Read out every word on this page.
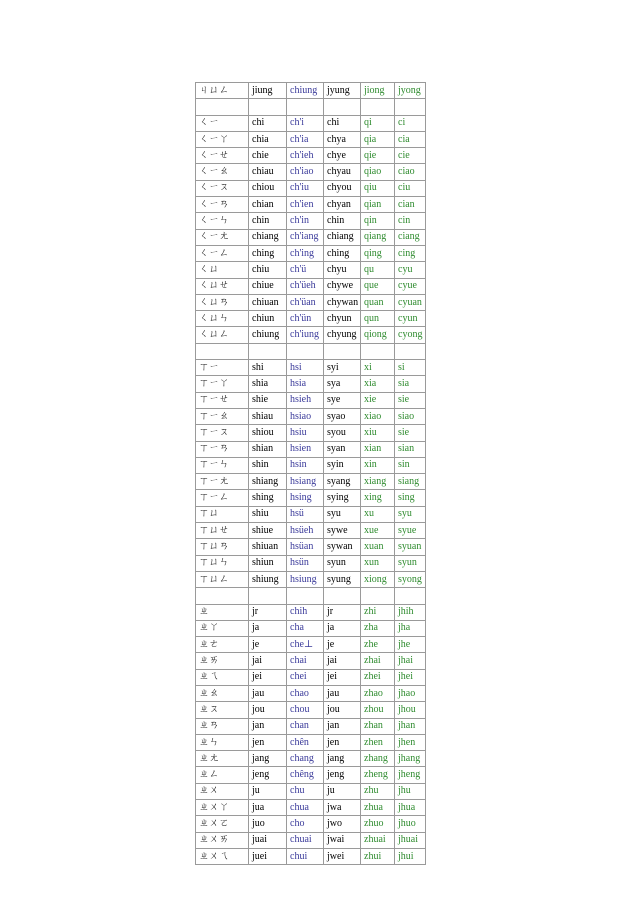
ㄐㄩㄥ	jiung	chiung	jyung	jiong	jyong

ㄑㄧ	chi	ch'i	chi	qi	ci
ㄑㄧㄚ	chia	ch'ia	chya	qia	cia
ㄑㄧㄝ	chie	ch'ieh	chye	qie	cie
ㄑㄧㄠ	chiau	ch'iao	chyau	qiao	ciao
ㄑㄧㄡ	chiou	ch'iu	chyou	qiu	ciu
ㄑㄧㄢ	chian	ch'ien	chyan	qian	cian
ㄑㄧㄣ	chin	ch'in	chin	qin	cin
ㄑㄧㄤ	chiang	ch'iang	chiang	qiang	ciang
ㄑㄧㄥ	ching	ch'ing	ching	qing	cing
ㄑㄩ	chiu	ch'ü	chyu	qu	cyu
ㄑㄩㄝ	chiue	ch'üeh	chywe	que	cyue
ㄑㄩㄢ	chiuan	ch'üan	chywan	quan	cyuan
ㄑㄩㄣ	chiun	ch'ün	chyun	qun	cyun
ㄑㄩㄥ	chiung	ch'iung	chyung	qiong	cyong

ㄒㄧ	shi	hsi	syi	xi	si
ㄒㄧㄚ	shia	hsia	sya	xia	sia
ㄒㄧㄝ	shie	hsieh	sye	xie	sie
ㄒㄧㄠ	shiau	hsiao	syao	xiao	siao
ㄒㄧㄡ	shiou	hsiu	syou	xiu	sie
ㄒㄧㄢ	shian	hsien	syan	xian	sian
ㄒㄧㄣ	shin	hsin	syin	xin	sin
ㄒㄧㄤ	shiang	hsiang	syang	xiang	siang
ㄒㄧㄥ	shing	hsing	sying	xing	sing
ㄒㄩ	shiu	hsü	syu	xu	syu
ㄒㄩㄝ	shiue	hsüeh	sywe	xue	syue
ㄒㄩㄢ	shiuan	hsüan	sywan	xuan	syuan
ㄒㄩㄣ	shiun	hsün	syun	xun	syun
ㄒㄩㄥ	shiung	hsiung	syung	xiong	syong

ㄓ	jr	chih	jr	zhi	jhih
ㄓㄚ	ja	cha	ja	zha	jha
ㄓㄜ	je	che⊥	je	zhe	jhe
ㄓㄞ	jai	chai	jai	zhai	jhai
ㄓㄟ	jei	chei	jei	zhei	jhei
ㄓㄠ	jau	chao	jau	zhao	jhao
ㄓㄡ	jou	chou	jou	zhou	jhou
ㄓㄢ	jan	chan	jan	zhan	jhan
ㄓㄣ	jen	chên	jen	zhen	jhen
ㄓㄤ	jang	chang	jang	zhang	jhang
ㄓㄥ	jeng	chêng	jeng	zheng	jheng
ㄓㄨ	ju	chu	ju	zhu	jhu
ㄓㄨㄚ	jua	chua	jwa	zhua	jhua
ㄓㄨㄛ	juo	cho	jwo	zhuo	jhuo
ㄓㄨㄞ	juai	chuai	jwai	zhuai	jhuai
ㄓㄨㄟ	juei	chui	jwei	zhui	jhui
